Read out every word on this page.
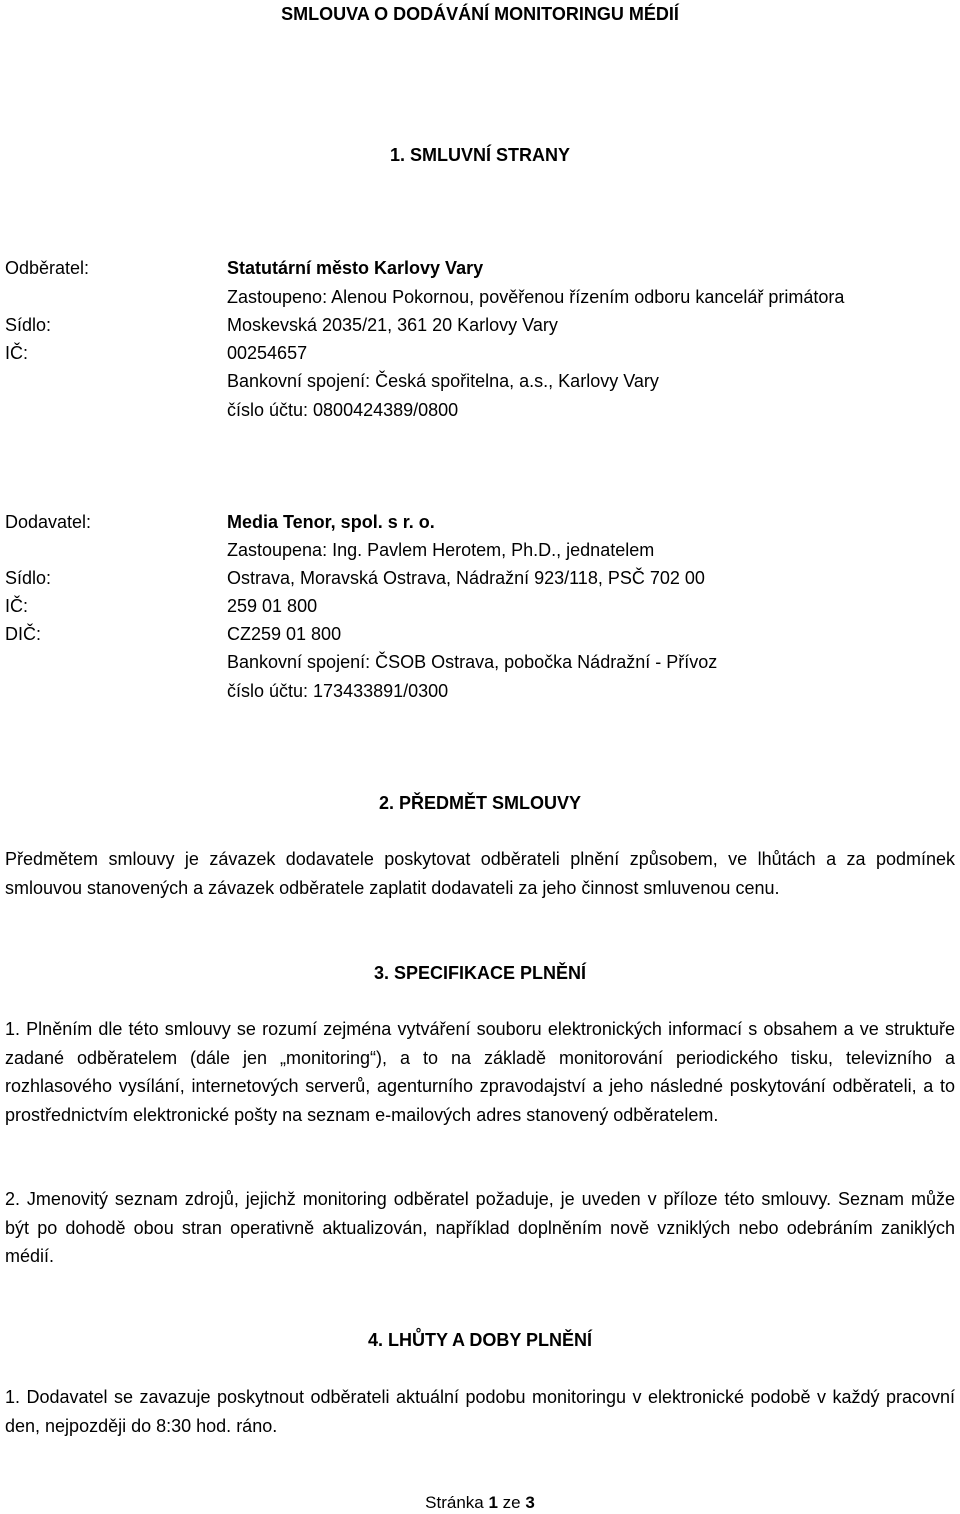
SMLOUVA O DODÁVÁNÍ MONITORINGU MÉDIÍ
1. SMLUVNÍ STRANY
Odběratel:	Statutární město Karlovy Vary
Zastoupeno: Alenou Pokornou, pověřenou řízením odboru kancelář primátora
Sídlo:	Moskevská 2035/21, 361 20 Karlovy Vary
IČ:	00254657
Bankovní spojení: Česká spořitelna, a.s., Karlovy Vary
číslo účtu: 0800424389/0800
Dodavatel:	Media Tenor, spol. s r. o.
Zastoupena: Ing. Pavlem Herotem, Ph.D., jednatelem
Sídlo:	Ostrava, Moravská Ostrava, Nádražní 923/118, PSČ 702 00
IČ:	259 01 800
DIČ:	CZ259 01 800
Bankovní spojení: ČSOB Ostrava, pobočka Nádražní - Přívoz
číslo účtu: 173433891/0300
2. PŘEDMĚT SMLOUVY
Předmětem smlouvy je závazek dodavatele poskytovat odběrateli plnění způsobem, ve lhůtách a za podmínek smlouvou stanovených a závazek odběratele zaplatit dodavateli za jeho činnost smluvenou cenu.
3. SPECIFIKACE PLNĚNÍ
1. Plněním dle této smlouvy se rozumí zejména vytváření souboru elektronických informací s obsahem a ve struktuře zadané odběratelem (dále jen „monitoring“), a to na základě monitorování periodického tisku, televizního a rozhlasového vysílání, internetových serverů, agenturního zpravodajství a jeho následné poskytování odběrateli, a to prostřednictvím elektronické pošty na seznam e-mailových adres stanovený odběratelem.
2. Jmenovitý seznam zdrojů, jejichž monitoring odběratel požaduje, je uveden v příloze této smlouvy. Seznam může být po dohodě obou stran operativně aktualizován, například doplněním nově vzniklých nebo odebráním zaniklých médií.
4. LHŮTY A DOBY PLNĚNÍ
1. Dodavatel se zavazuje poskytnout odběrateli aktuální podobu monitoringu v elektronické podobě v každý pracovní den, nejpozději do 8:30 hod. ráno.
Stránka 1 ze 3
